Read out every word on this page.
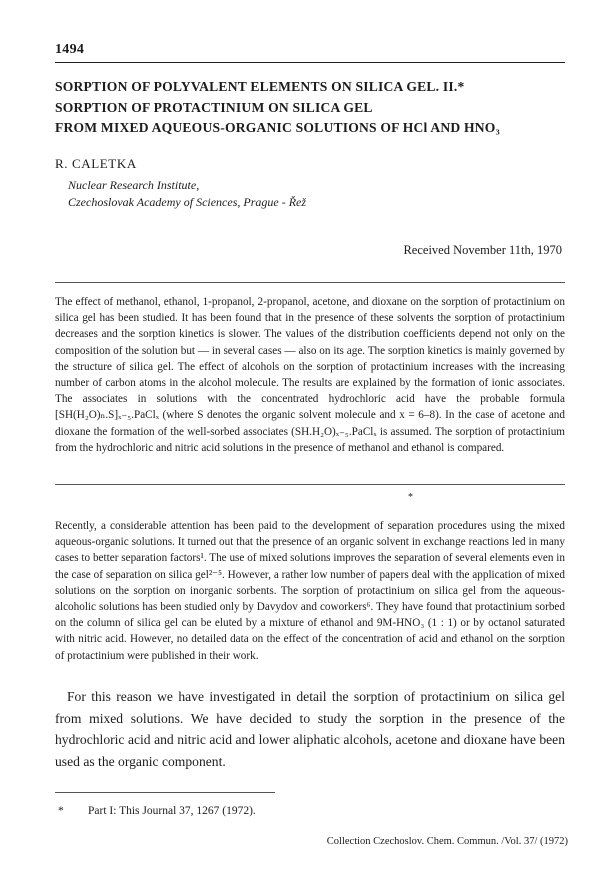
1494
SORPTION OF POLYVALENT ELEMENTS ON SILICA GEL. II.*
SORPTION OF PROTACTINIUM ON SILICA GEL
FROM MIXED AQUEOUS-ORGANIC SOLUTIONS OF HCl AND HNO₃
R. CALETKA
Nuclear Research Institute,
Czechoslovak Academy of Sciences, Prague - Řež
Received November 11th, 1970

The effect of methanol, ethanol, 1-propanol, 2-propanol, acetone, and dioxane on the sorption of protactinium on silica gel has been studied. It has been found that in the presence of these solvents the sorption of protactinium decreases and the sorption kinetics is slower. The values of the distribution coefficients depend not only on the composition of the solution but — in several cases — also on its age. The sorption kinetics is mainly governed by the structure of silica gel. The effect of alcohols on the sorption of protactinium increases with the increasing number of carbon atoms in the alcohol molecule. The results are explained by the formation of ionic associates. The associates in solutions with the concentrated hydrochloric acid have the probable formula [SH(H₂O)ₙ.S]ₓ₋₅.PaClₓ (where S denotes the organic solvent molecule and x = 6–8). In the case of acetone and dioxane the formation of the well-sorbed associates (SH.H₂O)ₓ₋₅.PaClₓ is assumed. The sorption of protactinium from the hydrochloric and nitric acid solutions in the presence of methanol and ethanol is compared.

*

Recently, a considerable attention has been paid to the development of separation procedures using the mixed aqueous-organic solutions. It turned out that the presence of an organic solvent in exchange reactions led in many cases to better separation factors¹. The use of mixed solutions improves the separation of several elements even in the case of separation on silica gel²⁻⁵. However, a rather low number of papers deal with the application of mixed solutions on the sorption on inorganic sorbents. The sorption of protactinium on silica gel from the aqueous-alcoholic solutions has been studied only by Davydov and coworkers⁶. They have found that protactinium sorbed on the column of silica gel can be eluted by a mixture of ethanol and 9M-HNO₃ (1 : 1) or by octanol saturated with nitric acid. However, no detailed data on the effect of the concentration of acid and ethanol on the sorption of protactinium were published in their work.

For this reason we have investigated in detail the sorption of protactinium on silica gel from mixed solutions. We have decided to study the sorption in the presence of the hydrochloric acid and nitric acid and lower aliphatic alcohols, acetone and dioxane have been used as the organic component.

* Part I: This Journal 37, 1267 (1972).
Collection Czechoslov. Chem. Commun. /Vol. 37/ (1972)
